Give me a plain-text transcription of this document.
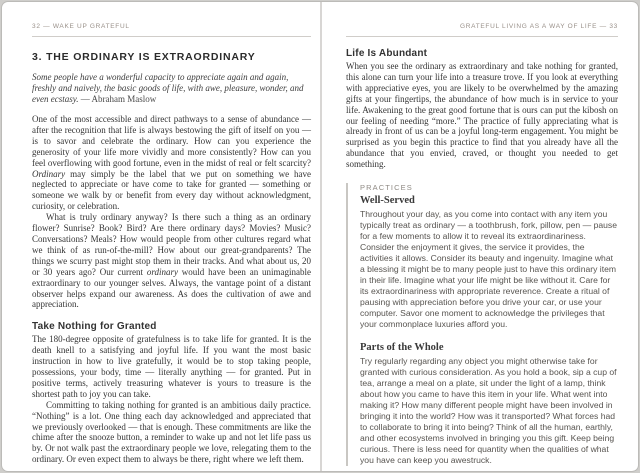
32 — WAKE UP GRATEFUL
3. THE ORDINARY IS EXTRAORDINARY
Some people have a wonderful capacity to appreciate again and again, freshly and naively, the basic goods of life, with awe, pleasure, wonder, and even ecstasy. — Abraham Maslow

One of the most accessible and direct pathways to a sense of abundance — after the recognition that life is always bestowing the gift of itself on you — is to savor and celebrate the ordinary. How can you experience the generosity of your life more vividly and more consistently? How can you feel overflowing with good fortune, even in the midst of real or felt scarcity? Ordinary may simply be the label that we put on something we have neglected to appreciate or have come to take for granted — something or someone we walk by or benefit from every day without acknowledgment, curiosity, or celebration.

What is truly ordinary anyway? Is there such a thing as an ordinary flower? Sunrise? Book? Bird? Are there ordinary days? Movies? Music? Conversations? Meals? How would people from other cultures regard what we think of as run-of-the-mill? How about our great-grandparents? The things we scurry past might stop them in their tracks. And what about us, 20 or 30 years ago? Our current ordinary would have been an unimaginable extraordinary to our younger selves. Always, the vantage point of a distant observer helps expand our awareness. As does the cultivation of awe and appreciation.

Take Nothing for Granted

The 180-degree opposite of gratefulness is to take life for granted. It is the death knell to a satisfying and joyful life. If you want the most basic instruction in how to live gratefully, it would be to stop taking people, possessions, your body, time — literally anything — for granted. Put in positive terms, actively treasuring whatever is yours to treasure is the shortest path to joy you can take.

Committing to taking nothing for granted is an ambitious daily practice. “Nothing” is a lot. One thing each day acknowledged and appreciated that we previously overlooked — that is enough. These commitments are like the chime after the snooze button, a reminder to wake up and not let life pass us by. Or not walk past the extraordinary people we love, relegating them to the ordinary. Or even expect them to always be there, right where we left them.

GRATEFUL LIVING AS A WAY OF LIFE — 33
Life Is Abundant

When you see the ordinary as extraordinary and take nothing for granted, this alone can turn your life into a treasure trove. If you look at everything with appreciative eyes, you are likely to be overwhelmed by the amazing gifts at your fingertips, the abundance of how much is in service to your life. Awakening to the great good fortune that is ours can put the kibosh on our feeling of needing “more.” The practice of fully appreciating what is already in front of us can be a joyful long-term engagement. You might be surprised as you begin this practice to find that you already have all the abundance that you envied, craved, or thought you needed to get something.

PRACTICES
Well-Served
Throughout your day, as you come into contact with any item you typically treat as ordinary — a toothbrush, fork, pillow, pen — pause for a few moments to allow it to reveal its extraordinariness. Consider the enjoyment it gives, the service it provides, the activities it allows. Consider its beauty and ingenuity. Imagine what a blessing it might be to many people just to have this ordinary item in their life. Imagine what your life might be like without it. Care for its extraordinariness with appropriate reverence. Create a ritual of pausing with appreciation before you drive your car, or use your computer. Savor one moment to acknowledge the privileges that your commonplace luxuries afford you.
Parts of the Whole
Try regularly regarding any object you might otherwise take for granted with curious consideration. As you hold a book, sip a cup of tea, arrange a meal on a plate, sit under the light of a lamp, think about how you came to have this item in your life. What went into making it? How many different people might have been involved in bringing it into the world? How was it transported? What forces had to collaborate to bring it into being? Think of all the human, earthly, and other ecosystems involved in bringing you this gift. Keep being curious. There is less need for quantity when the qualities of what you have can keep you awestruck.
